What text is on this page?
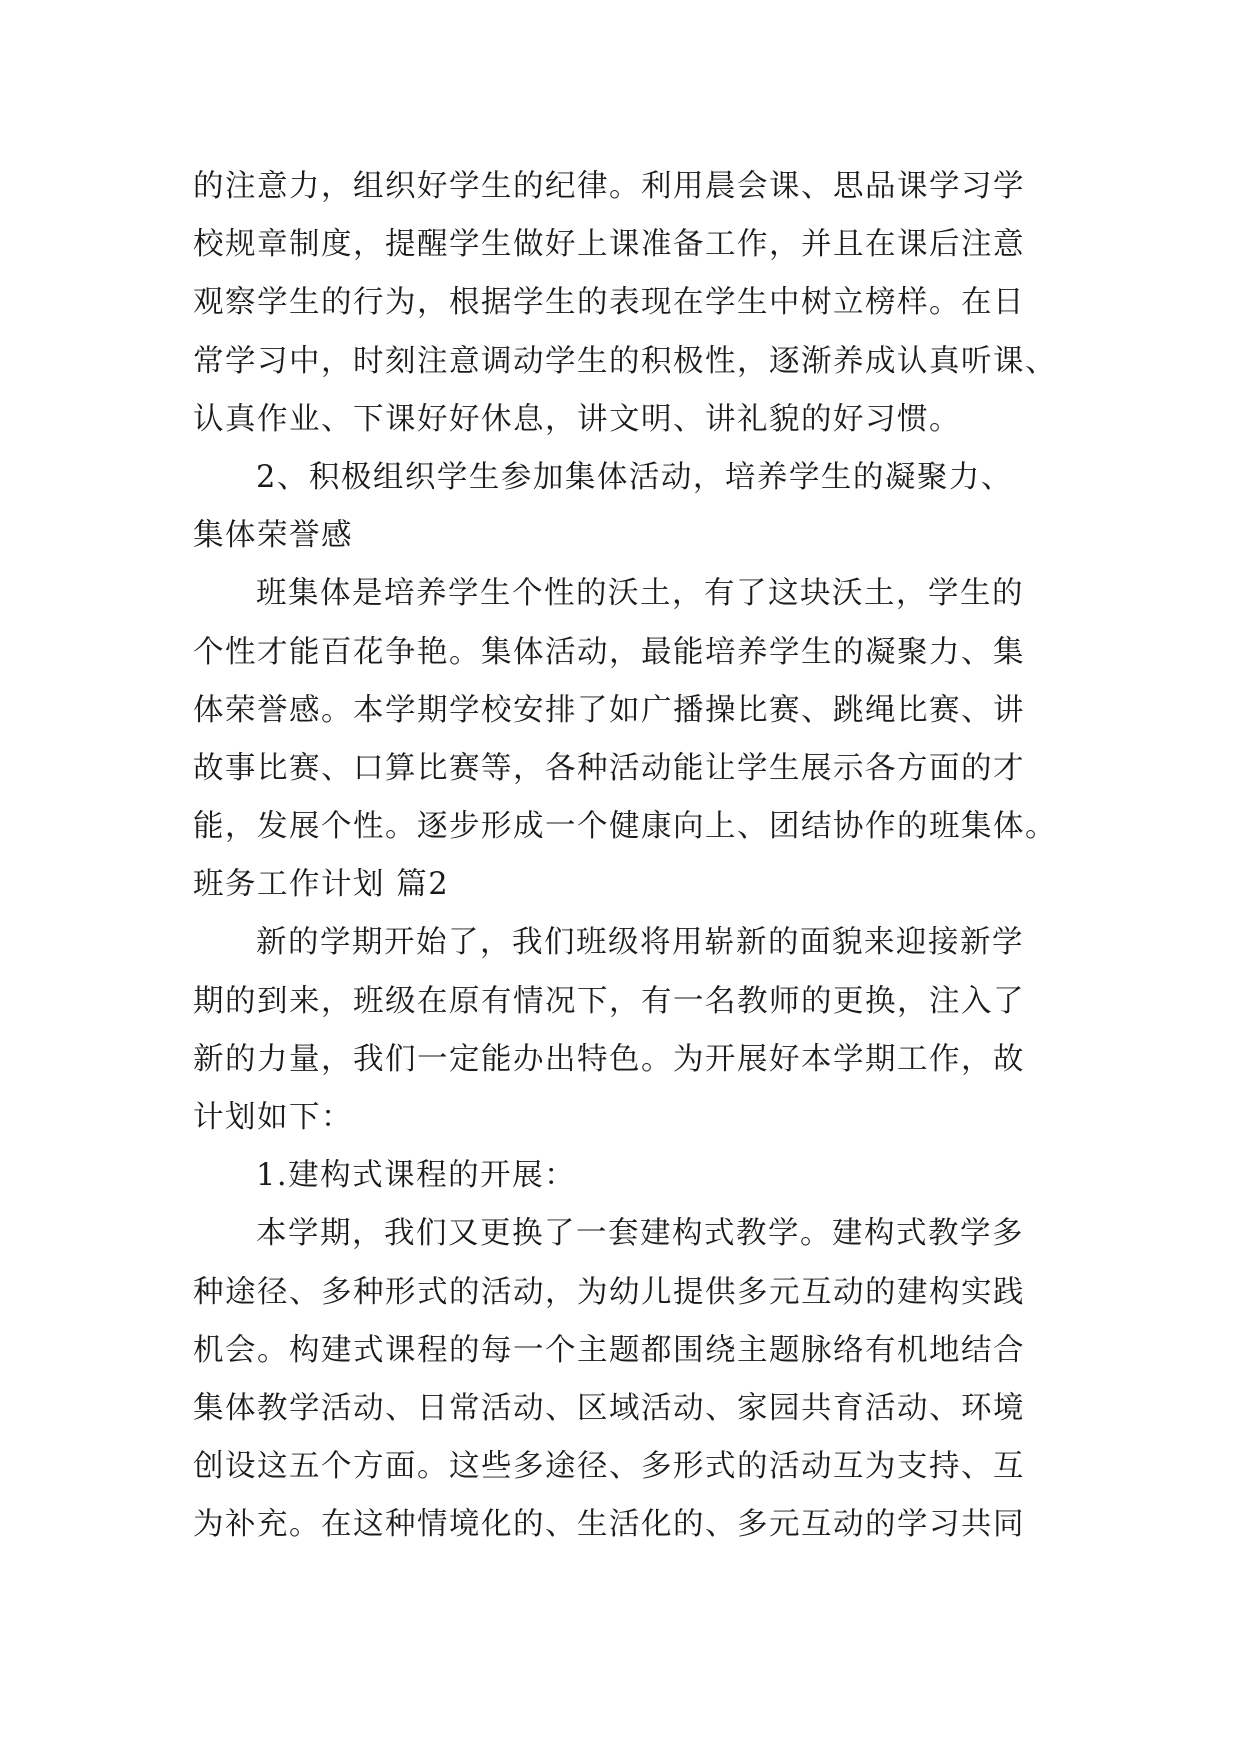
的注意力，组织好学生的纪律。利用晨会课、思品课学习学
校规章制度，提醒学生做好上课准备工作，并且在课后注意
观察学生的行为，根据学生的表现在学生中树立榜样。在日
常学习中，时刻注意调动学生的积极性，逐渐养成认真听课、
认真作业、下课好好休息，讲文明、讲礼貌的好习惯。
2、积极组织学生参加集体活动，培养学生的凝聚力、
集体荣誉感
班集体是培养学生个性的沃土，有了这块沃土，学生的
个性才能百花争艳。集体活动，最能培养学生的凝聚力、集
体荣誉感。本学期学校安排了如广播操比赛、跳绳比赛、讲
故事比赛、口算比赛等，各种活动能让学生展示各方面的才
能，发展个性。逐步形成一个健康向上、团结协作的班集体。
班务工作计划 篇2
新的学期开始了，我们班级将用崭新的面貌来迎接新学
期的到来，班级在原有情况下，有一名教师的更换，注入了
新的力量，我们一定能办出特色。为开展好本学期工作，故
计划如下：
1.建构式课程的开展：
本学期，我们又更换了一套建构式教学。建构式教学多
种途径、多种形式的活动，为幼儿提供多元互动的建构实践
机会。构建式课程的每一个主题都围绕主题脉络有机地结合
集体教学活动、日常活动、区域活动、家园共育活动、环境
创设这五个方面。这些多途径、多形式的活动互为支持、互
为补充。在这种情境化的、生活化的、多元互动的学习共同
